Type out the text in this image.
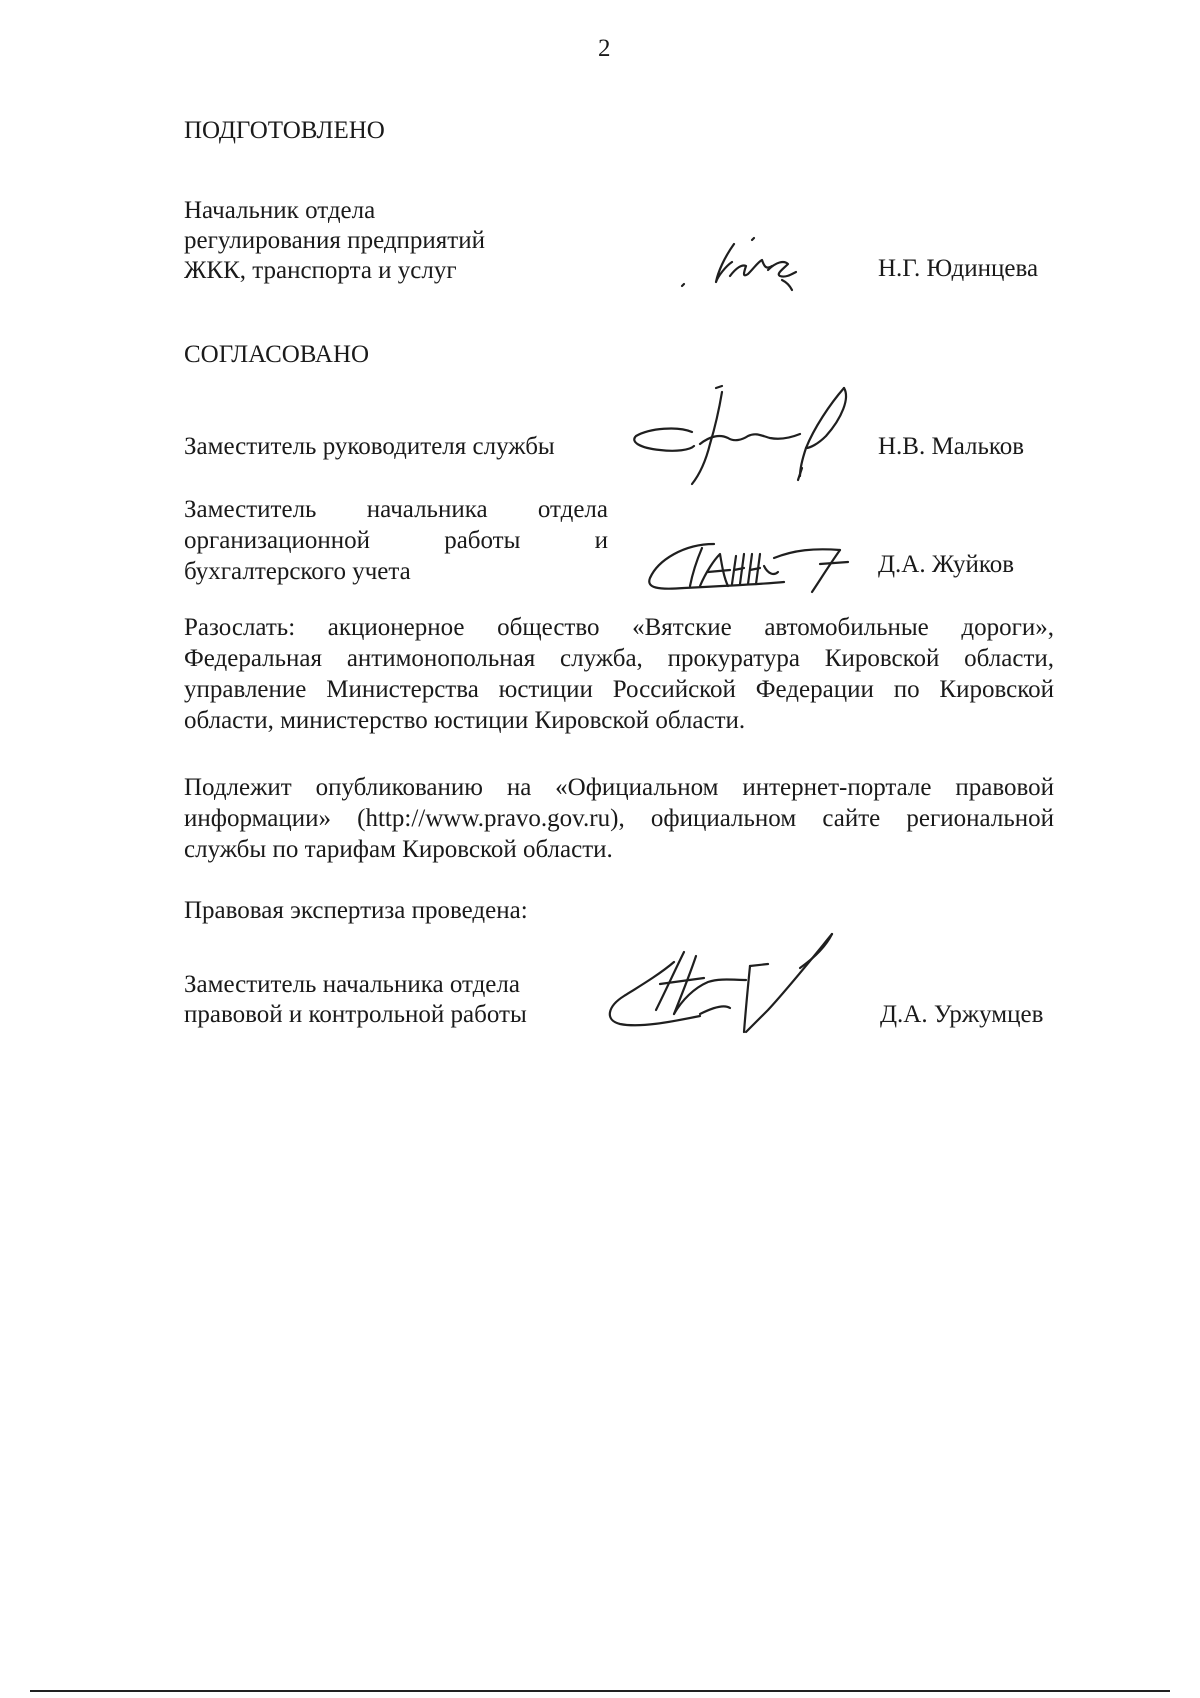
2
ПОДГОТОВЛЕНО
Начальник отдела
регулирования предприятий
ЖКК, транспорта и услуг	Н.Г. Юдинцева
СОГЛАСОВАНО
Заместитель руководителя службы	Н.В. Мальков
Заместитель начальника отдела
организационной работы и
бухгалтерского учета	Д.А. Жуйков
Разослать: акционерное общество «Вятские автомобильные дороги»,
Федеральная антимонопольная служба, прокуратура Кировской области,
управление Министерства юстиции Российской Федерации по Кировской
области, министерство юстиции Кировской области.
Подлежит опубликованию на «Официальном интернет-портале правовой
информации» (http://www.pravo.gov.ru), официальном сайте региональной
службы по тарифам Кировской области.
Правовая экспертиза проведена:
Заместитель начальника отдела
правовой и контрольной работы	Д.А. Уржумцев
